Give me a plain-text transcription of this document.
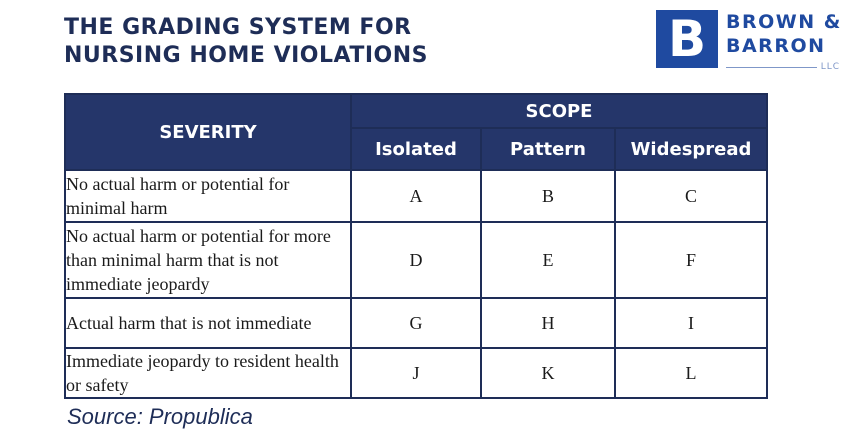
THE GRADING SYSTEM FOR
NURSING HOME VIOLATIONS	B	BROWN &
BARRON
LLC
SEVERITY	SCOPE		
	Isolated	Pattern	Widespread
No actual harm or potential for minimal harm	A	B	C
No actual harm or potential for more than minimal harm that is not immediate jeopardy	D	E	F
Actual harm that is not immediate	G	H	I
Immediate jeopardy to resident health or safety	J	K	L
Source: Propublica
